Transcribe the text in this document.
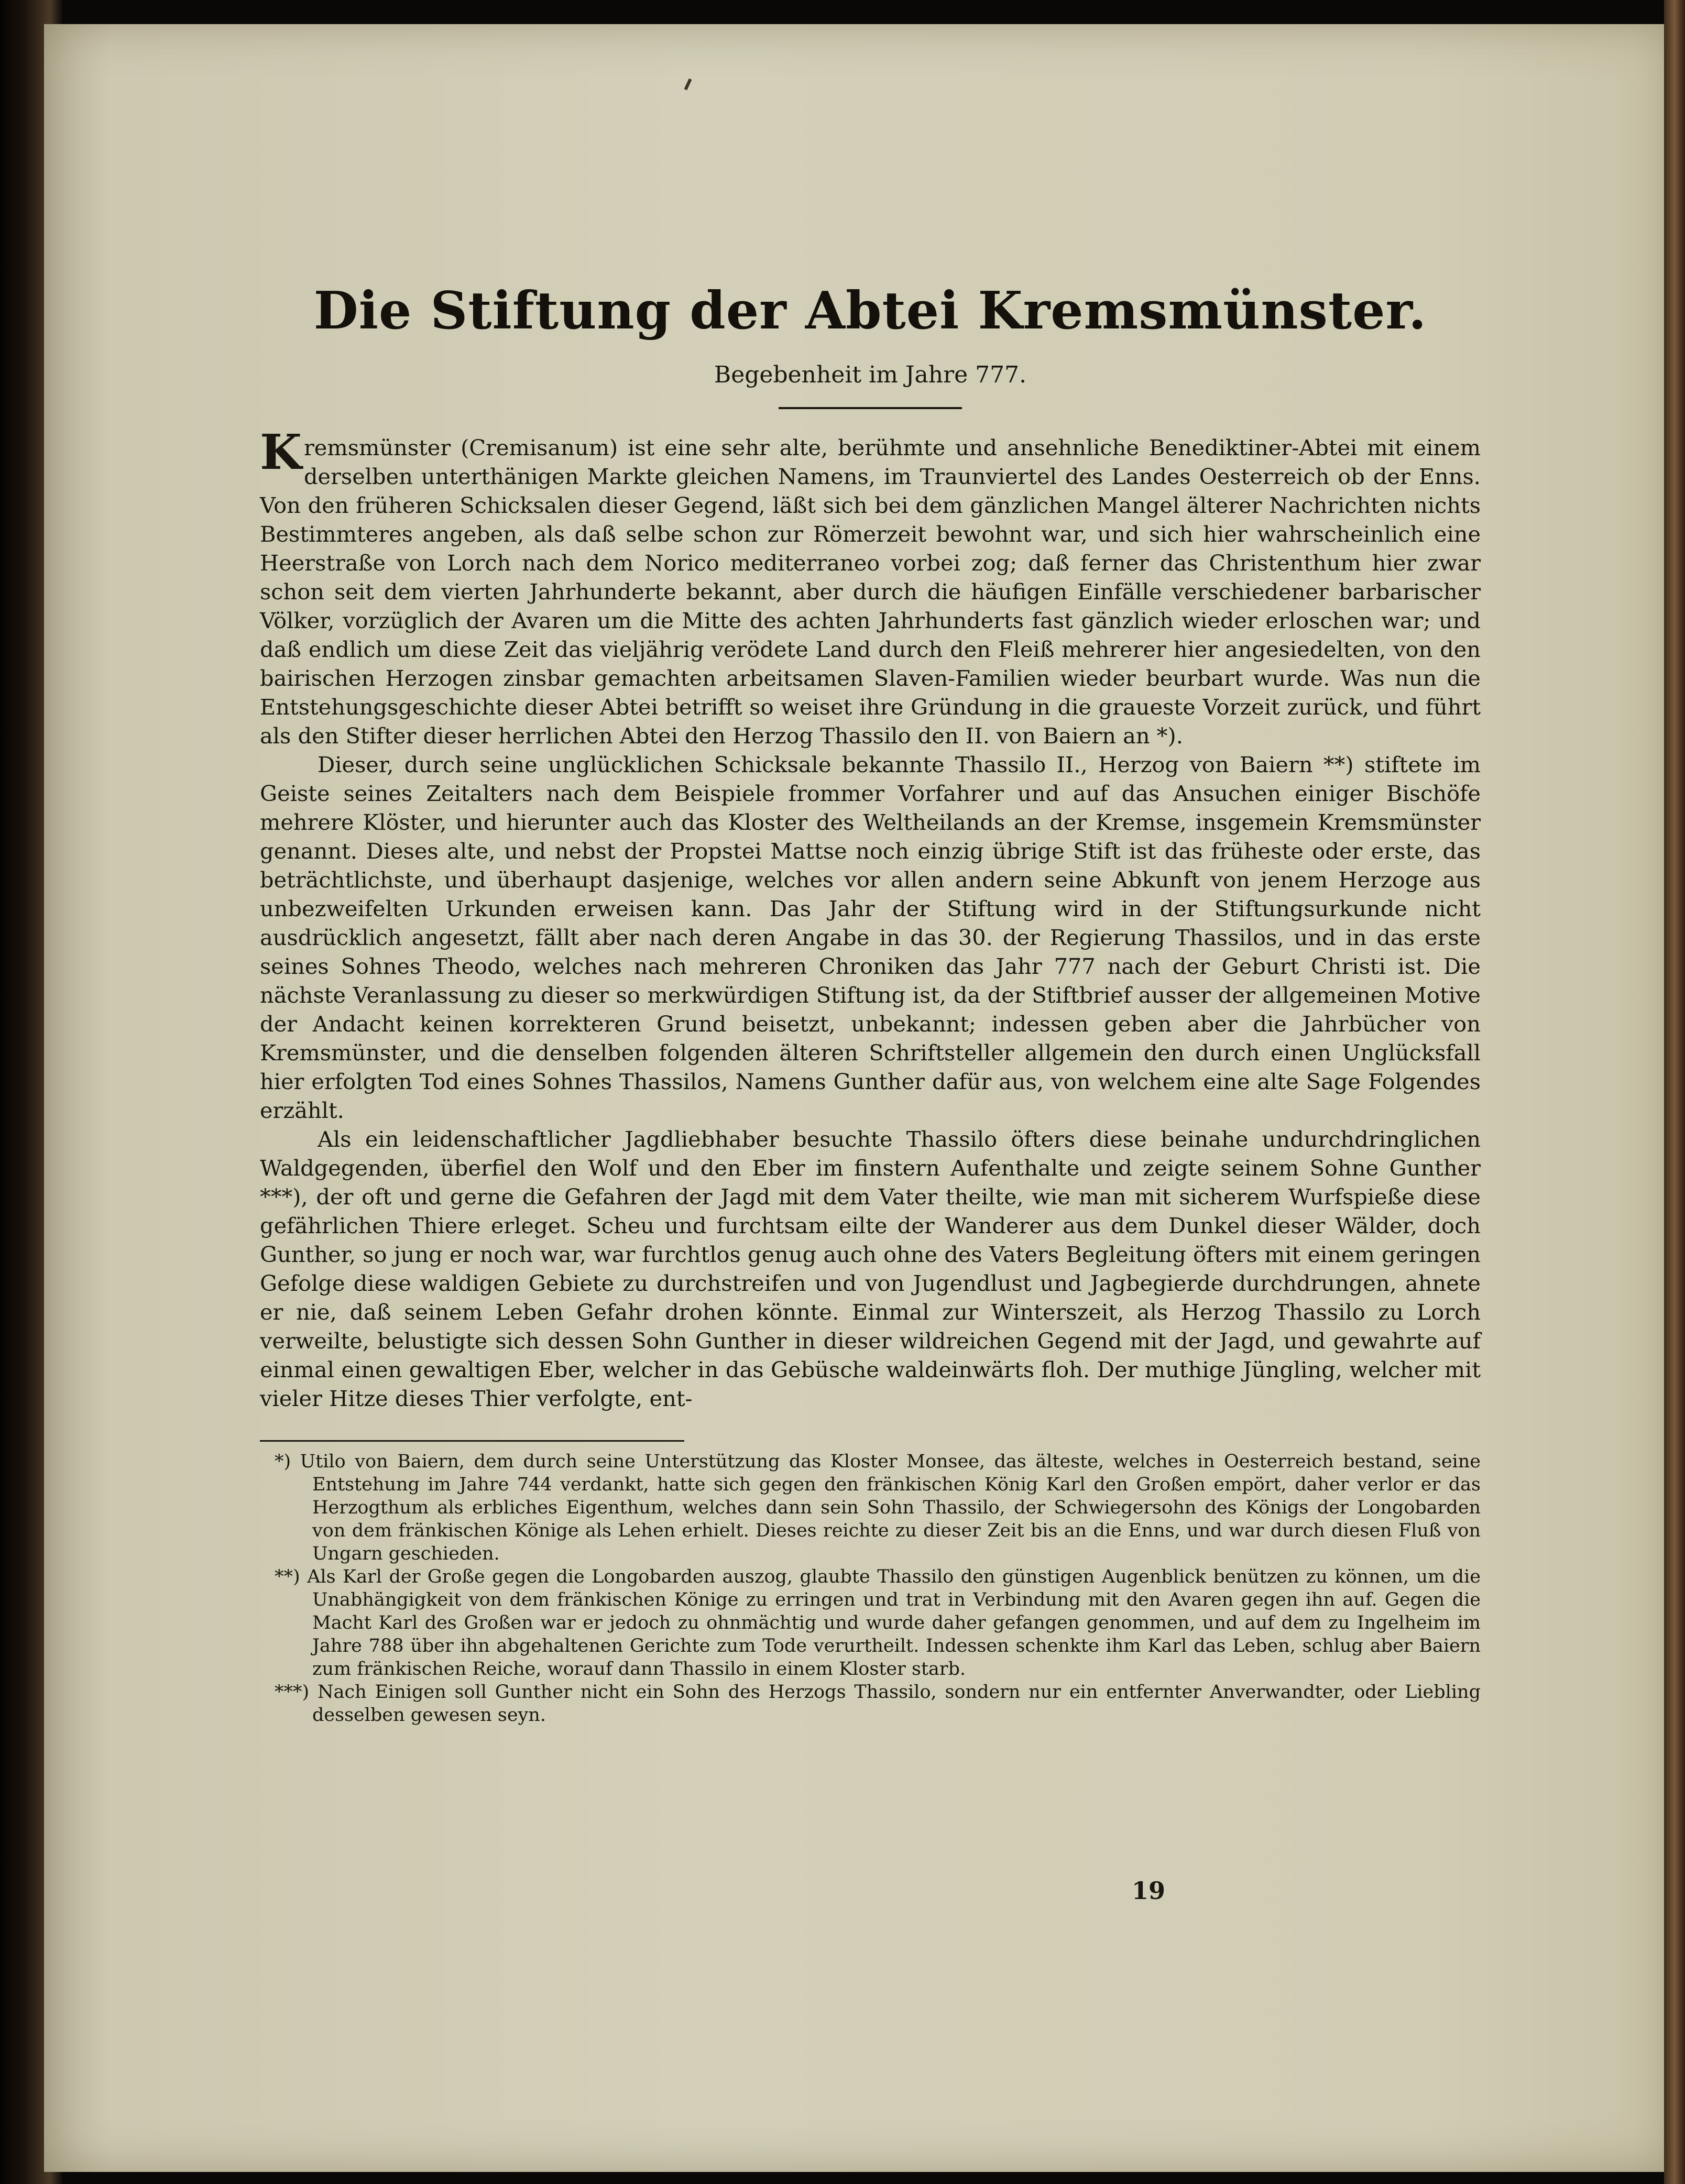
Die Stiftung der Abtei Kremsmünster.

Begebenheit im Jahre 777.

Kremsmünster (Cremisanum) ist eine sehr alte, berühmte und ansehnliche Benediktiner-Abtei mit einem derselben unterthänigen Markte gleichen Namens, im Traunviertel des Landes Oesterreich ob der Enns. Von den früheren Schicksalen dieser Gegend, läßt sich bei dem gänzlichen Mangel älterer Nachrichten nichts Bestimmteres angeben, als daß selbe schon zur Römerzeit bewohnt war, und sich hier wahrscheinlich eine Heerstraße von Lorch nach dem Norico mediterraneo vorbei zog; daß ferner das Christenthum hier zwar schon seit dem vierten Jahrhunderte bekannt, aber durch die häufigen Einfälle verschiedener barbarischer Völker, vorzüglich der Avaren um die Mitte des achten Jahrhunderts fast gänzlich wieder erloschen war; und daß endlich um diese Zeit das vieljährig verödete Land durch den Fleiß mehrerer hier angesiedelten, von den bairischen Herzogen zinsbar gemachten arbeitsamen Slaven-Familien wieder beurbart wurde. Was nun die Entstehungsgeschichte dieser Abtei betrifft so weiset ihre Gründung in die graueste Vorzeit zurück, und führt als den Stifter dieser herrlichen Abtei den Herzog Thassilo den II. von Baiern an *).

Dieser, durch seine unglücklichen Schicksale bekannte Thassilo II., Herzog von Baiern **) stiftete im Geiste seines Zeitalters nach dem Beispiele frommer Vorfahrer und auf das Ansuchen einiger Bischöfe mehrere Klöster, und hierunter auch das Kloster des Weltheilands an der Kremse, insgemein Kremsmünster genannt. Dieses alte, und nebst der Propstei Mattse noch einzig übrige Stift ist das früheste oder erste, das beträchtlichste, und überhaupt dasjenige, welches vor allen andern seine Abkunft von jenem Herzoge aus unbezweifelten Urkunden erweisen kann. Das Jahr der Stiftung wird in der Stiftungsurkunde nicht ausdrücklich angesetzt, fällt aber nach deren Angabe in das 30. der Regierung Thassilos, und in das erste seines Sohnes Theodo, welches nach mehreren Chroniken das Jahr 777 nach der Geburt Christi ist. Die nächste Veranlassung zu dieser so merkwürdigen Stiftung ist, da der Stiftbrief ausser der allgemeinen Motive der Andacht keinen korrekteren Grund beisetzt, unbekannt; indessen geben aber die Jahrbücher von Kremsmünster, und die denselben folgenden älteren Schriftsteller allgemein den durch einen Unglücksfall hier erfolgten Tod eines Sohnes Thassilos, Namens Gunther dafür aus, von welchem eine alte Sage Folgendes erzählt.

Als ein leidenschaftlicher Jagdliebhaber besuchte Thassilo öfters diese beinahe undurchdringlichen Waldgegenden, überfiel den Wolf und den Eber im finstern Aufenthalte und zeigte seinem Sohne Gunther ***), der oft und gerne die Gefahren der Jagd mit dem Vater theilte, wie man mit sicherem Wurfspieße diese gefährlichen Thiere erleget. Scheu und furchtsam eilte der Wanderer aus dem Dunkel dieser Wälder, doch Gunther, so jung er noch war, war furchtlos genug auch ohne des Vaters Begleitung öfters mit einem geringen Gefolge diese waldigen Gebiete zu durchstreifen und von Jugendlust und Jagbegierde durchdrungen, ahnete er nie, daß seinem Leben Gefahr drohen könnte. Einmal zur Winterszeit, als Herzog Thassilo zu Lorch verweilte, belustigte sich dessen Sohn Gunther in dieser wildreichen Gegend mit der Jagd, und gewahrte auf einmal einen gewaltigen Eber, welcher in das Gebüsche waldeinwärts floh. Der muthige Jüngling, welcher mit vieler Hitze dieses Thier verfolgte, ent-

*) Utilo von Baiern, dem durch seine Unterstützung das Kloster Monsee, das älteste, welches in Oesterreich bestand, seine Entstehung im Jahre 744 verdankt, hatte sich gegen den fränkischen König Karl den Großen empört, daher verlor er das Herzogthum als erbliches Eigenthum, welches dann sein Sohn Thassilo, der Schwiegersohn des Königs der Longobarden von dem fränkischen Könige als Lehen erhielt. Dieses reichte zu dieser Zeit bis an die Enns, und war durch diesen Fluß von Ungarn geschieden.

**) Als Karl der Große gegen die Longobarden auszog, glaubte Thassilo den günstigen Augenblick benützen zu können, um die Unabhängigkeit von dem fränkischen Könige zu erringen und trat in Verbindung mit den Avaren gegen ihn auf. Gegen die Macht Karl des Großen war er jedoch zu ohnmächtig und wurde daher gefangen genommen, und auf dem zu Ingelheim im Jahre 788 über ihn abgehaltenen Gerichte zum Tode verurtheilt. Indessen schenkte ihm Karl das Leben, schlug aber Baiern zum fränkischen Reiche, worauf dann Thassilo in einem Kloster starb.

***) Nach Einigen soll Gunther nicht ein Sohn des Herzogs Thassilo, sondern nur ein entfernter Anverwandter, oder Liebling desselben gewesen seyn.

19
